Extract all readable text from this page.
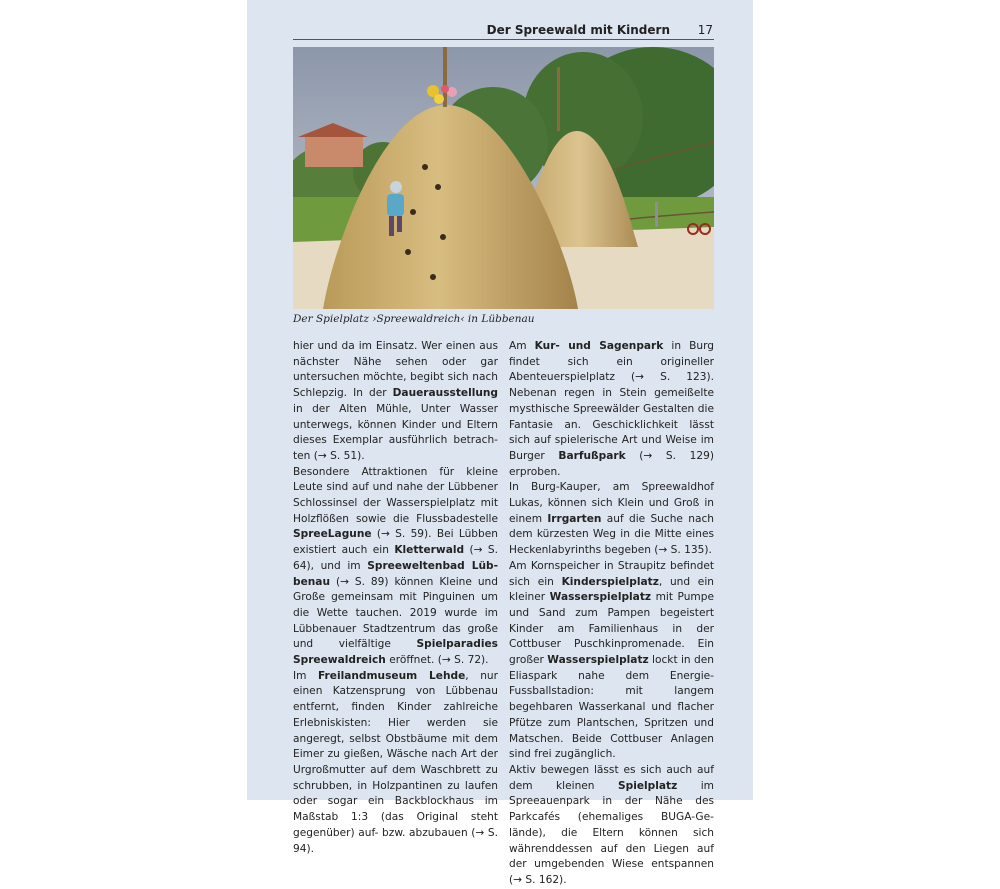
Der Spreewald mit Kindern 17
Der Spielplatz ›Spreewaldreich‹ in Lübbenau

hier und da im Einsatz. Wer einen aus nächster Nähe sehen oder gar untersuchen möchte, begibt sich nach Schlepzig. In der Dauerausstellung in der Alten Mühle, Unter Wasser unterwegs, können Kinder und Eltern dieses Exemplar ausführlich betrachten (→ S. 51).

Besondere Attraktionen für kleine Leute sind auf und nahe der Lübbener Schlossinsel der Wasserspielplatz mit Holzflößen sowie die Flussbadestelle SpreeLagune (→ S. 59). Bei Lübben existiert auch ein Kletterwald (→ S. 64), und im Spreeweltenbad Lübbenau (→ S. 89) können Kleine und Große gemeinsam mit Pinguinen um die Wette tauchen. 2019 wurde im Lübbenauer Stadtzentrum das große und vielfältige Spielparadies Spreewaldreich eröffnet. (→ S. 72).

Im Freilandmuseum Lehde, nur einen Katzensprung von Lübbenau entfernt, finden Kinder zahlreiche Erlebniskisten: Hier werden sie angeregt, selbst Obstbäume mit dem Eimer zu gießen, Wäsche nach Art der Urgroßmutter auf dem Waschbrett zu schrubben, in Holzpantinen zu laufen oder sogar ein Backblockhaus im Maßstab 1:3 (das Original steht gegenüber) auf- bzw. abzubauen (→ S. 94).

Am Kur- und Sagenpark in Burg findet sich ein origineller Abenteuerspielplatz (→ S. 123). Nebenan regen in Stein gemeißelte mysthische Spreewälder Gestalten die Fantasie an. Geschicklichkeit lässt sich auf spielerische Art und Weise im Burger Barfußpark (→ S. 129) erproben.

In Burg-Kauper, am Spreewaldhof Lukas, können sich Klein und Groß in einem Irrgarten auf die Suche nach dem kürzesten Weg in die Mitte eines Heckenlabyrinths begeben (→ S. 135).

Am Kornspeicher in Straupitz befindet sich ein Kinderspielplatz, und ein kleiner Wasserspielplatz mit Pumpe und Sand zum Pampen begeistert Kinder am Familienhaus in der Cottbuser Puschkinpromenade. Ein großer Wasserspielplatz lockt in den Eliaspark nahe dem Energie-Fussballstadion: mit langem begehbaren Wasserkanal und flacher Pfütze zum Plantschen, Spritzen und Matschen. Beide Cottbuser Anlagen sind frei zugänglich.

Aktiv bewegen lässt es sich auch auf dem kleinen Spielplatz im Spreeauenpark in der Nähe des Parkcafés (ehemaliges BUGA-Gelände), die Eltern können sich währenddessen auf den Liegen auf der umgebenden Wiese entspannen (→ S. 162).
